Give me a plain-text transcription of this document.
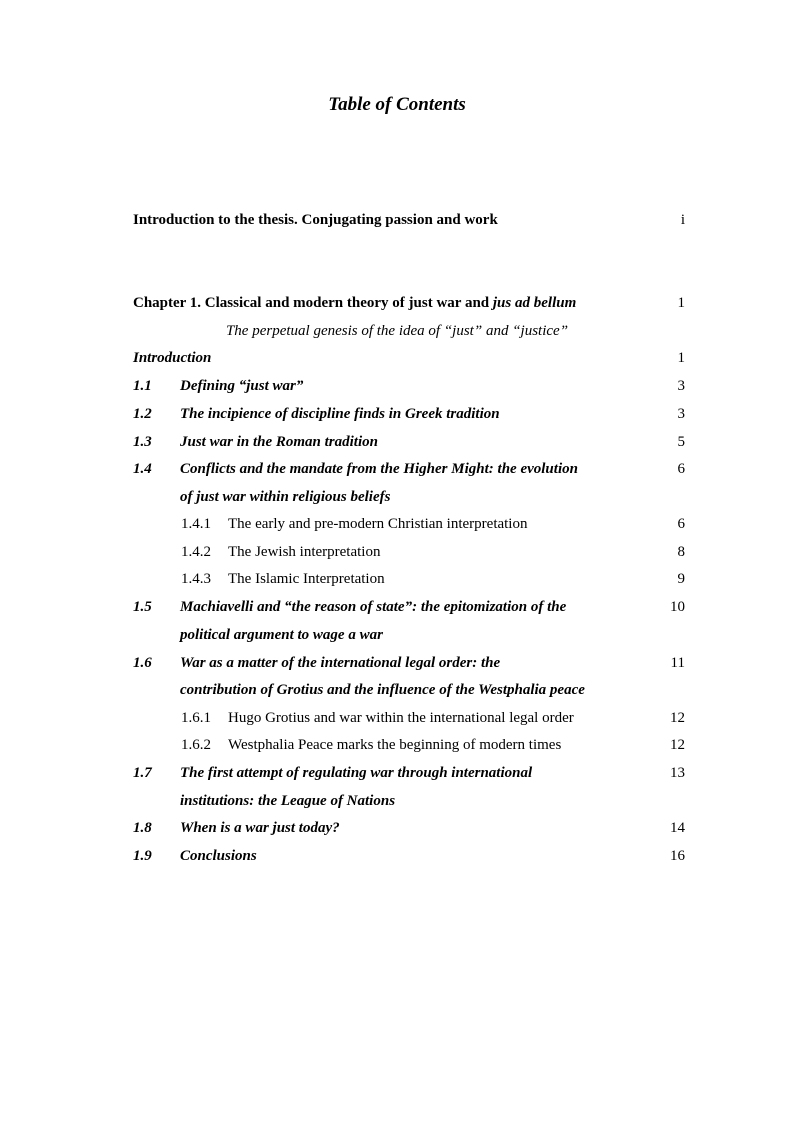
Table of Contents
Introduction to the thesis. Conjugating passion and work	i
Chapter 1. Classical and modern theory of just war and jus ad bellum	1
The perpetual genesis of the idea of “just” and “justice”
Introduction	1
1.1 Defining “just war”	3
1.2 The incipience of discipline finds in Greek tradition	3
1.3 Just war in the Roman tradition	5
1.4 Conflicts and the mandate from the Higher Might: the evolution	6
of just war within religious beliefs
1.4.1 The early and pre-modern Christian interpretation	6
1.4.2 The Jewish interpretation	8
1.4.3 The Islamic Interpretation	9
1.5 Machiavelli and “the reason of state”: the epitomization of the	10
political argument to wage a war
1.6 War as a matter of the international legal order: the	11
contribution of Grotius and the influence of the Westphalia peace
1.6.1 Hugo Grotius and war within the international legal order	12
1.6.2 Westphalia Peace marks the beginning of modern times	12
1.7 The first attempt of regulating war through international	13
institutions: the League of Nations
1.8 When is a war just today?	14
1.9 Conclusions	16
